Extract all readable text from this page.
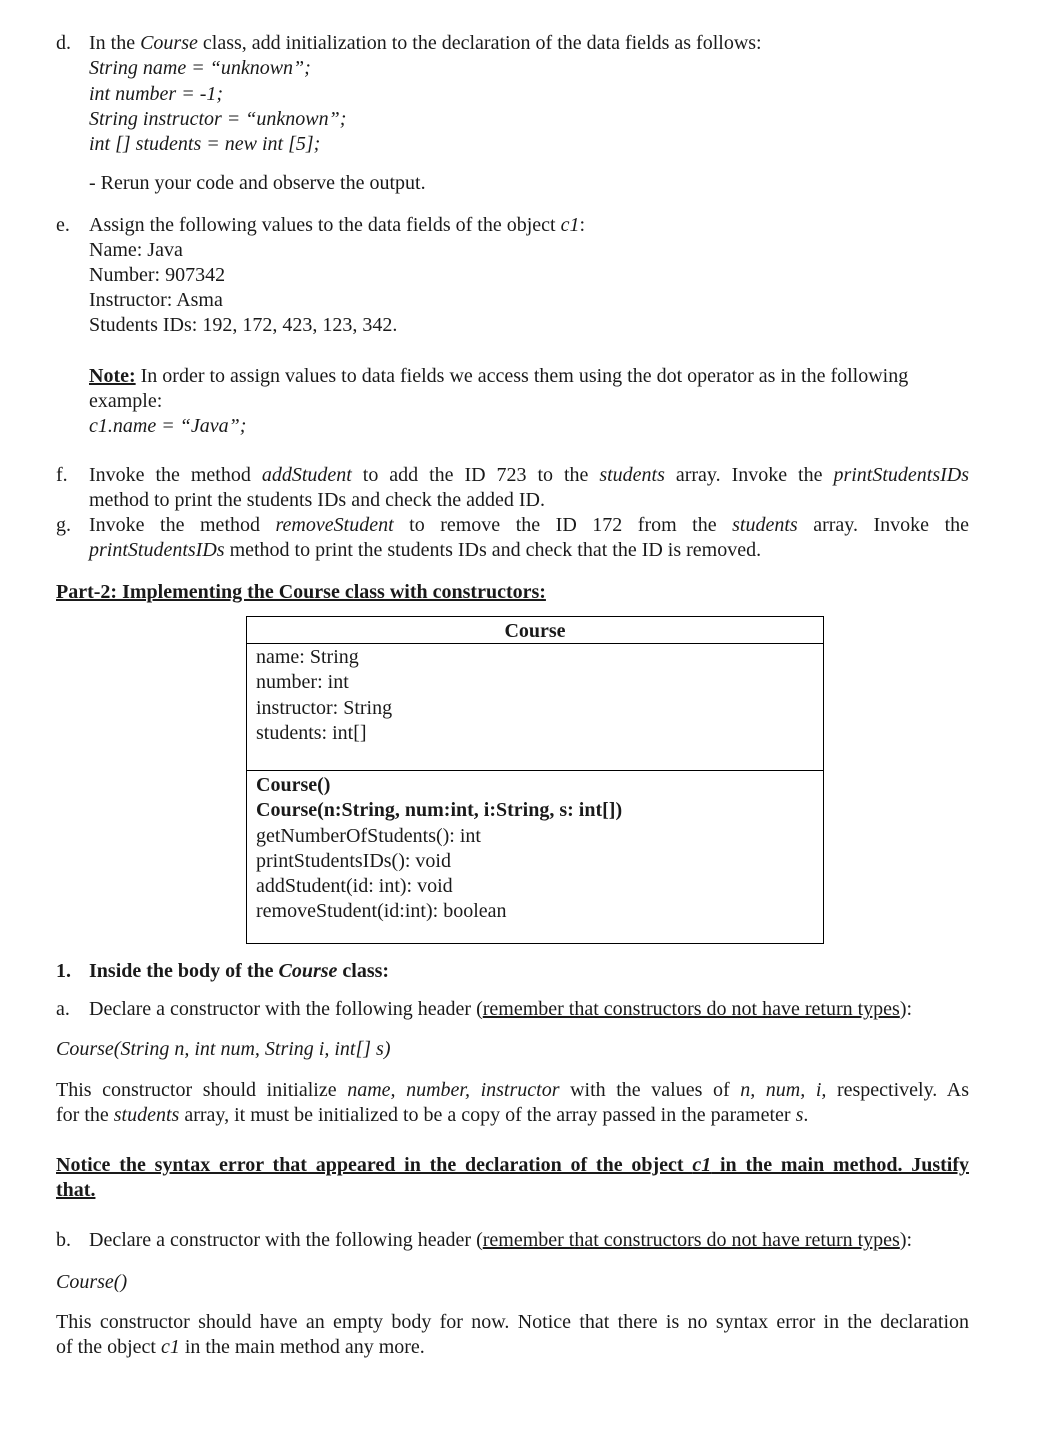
d. In the Course class, add initialization to the declaration of the data fields as follows:
String name = “unknown”;
int number = -1;
String instructor = “unknown”;
int [] students = new int [5];
- Rerun your code and observe the output.
e. Assign the following values to the data fields of the object c1:
Name: Java
Number: 907342
Instructor: Asma
Students IDs: 192, 172, 423, 123, 342.
Note: In order to assign values to data fields we access them using the dot operator as in the following
example:
c1.name = “Java”;
f. Invoke the method addStudent to add the ID 723 to the students array. Invoke the printStudentsIDs
method to print the students IDs and check the added ID.
g. Invoke the method removeStudent to remove the ID 172 from the students array. Invoke the
printStudentsIDs method to print the students IDs and check that the ID is removed.
Part-2: Implementing the Course class with constructors:
Course
name: String
number: int
instructor: String
students: int[]
Course()
Course(n:String, num:int, i:String, s: int[])
getNumberOfStudents(): int
printStudentsIDs(): void
addStudent(id: int): void
removeStudent(id:int): boolean
1. Inside the body of the Course class:
a. Declare a constructor with the following header (remember that constructors do not have return types):
Course(String n, int num, String i, int[] s)
This constructor should initialize name, number, instructor with the values of n, num, i, respectively. As
for the students array, it must be initialized to be a copy of the array passed in the parameter s.
Notice the syntax error that appeared in the declaration of the object c1 in the main method. Justify
that.
b. Declare a constructor with the following header (remember that constructors do not have return types):
Course()
This constructor should have an empty body for now. Notice that there is no syntax error in the declaration
of the object c1 in the main method any more.
